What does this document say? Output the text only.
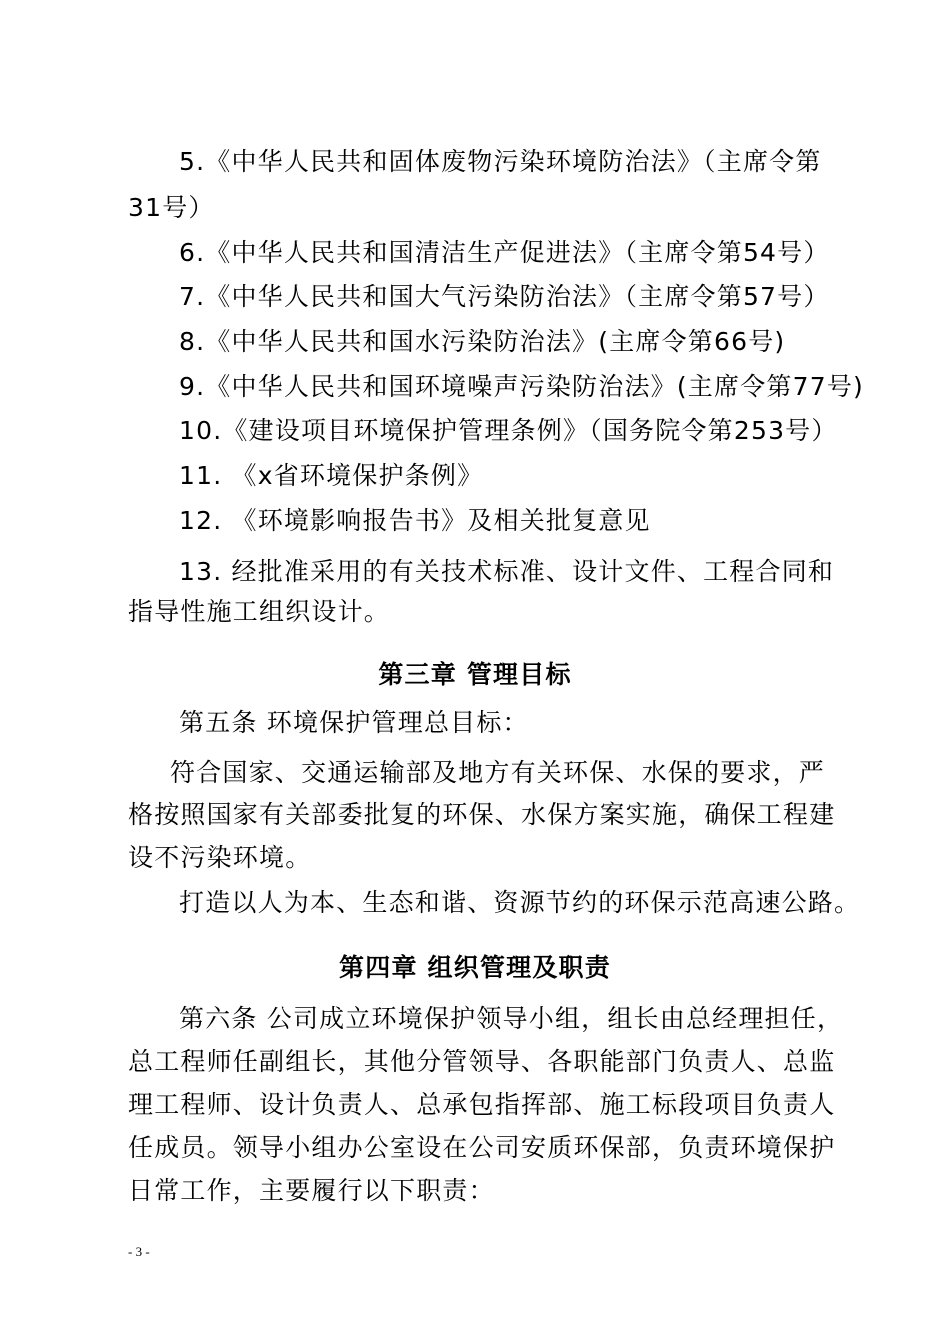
5.《中华人民共和固体废物污染环境防治法》（主席令第
31号）
6.《中华人民共和国清洁生产促进法》（主席令第54号）
7.《中华人民共和国大气污染防治法》（主席令第57号）
8.《中华人民共和国水污染防治法》(主席令第66号)
9.《中华人民共和国环境噪声污染防治法》(主席令第77号)
10.《建设项目环境保护管理条例》（国务院令第253号）
11. 《x省环境保护条例》
12. 《环境影响报告书》及相关批复意见
13. 经批准采用的有关技术标准、设计文件、工程合同和
指导性施工组织设计。
第三章 管理目标
第五条 环境保护管理总目标：
符合国家、交通运输部及地方有关环保、水保的要求，严
格按照国家有关部委批复的环保、水保方案实施，确保工程建
设不污染环境。
打造以人为本、生态和谐、资源节约的环保示范高速公路。
第四章 组织管理及职责
第六条 公司成立环境保护领导小组，组长由总经理担任，
总工程师任副组长，其他分管领导、各职能部门负责人、总监
理工程师、设计负责人、总承包指挥部、施工标段项目负责人
任成员。领导小组办公室设在公司安质环保部，负责环境保护
日常工作，主要履行以下职责：
- 3 -
